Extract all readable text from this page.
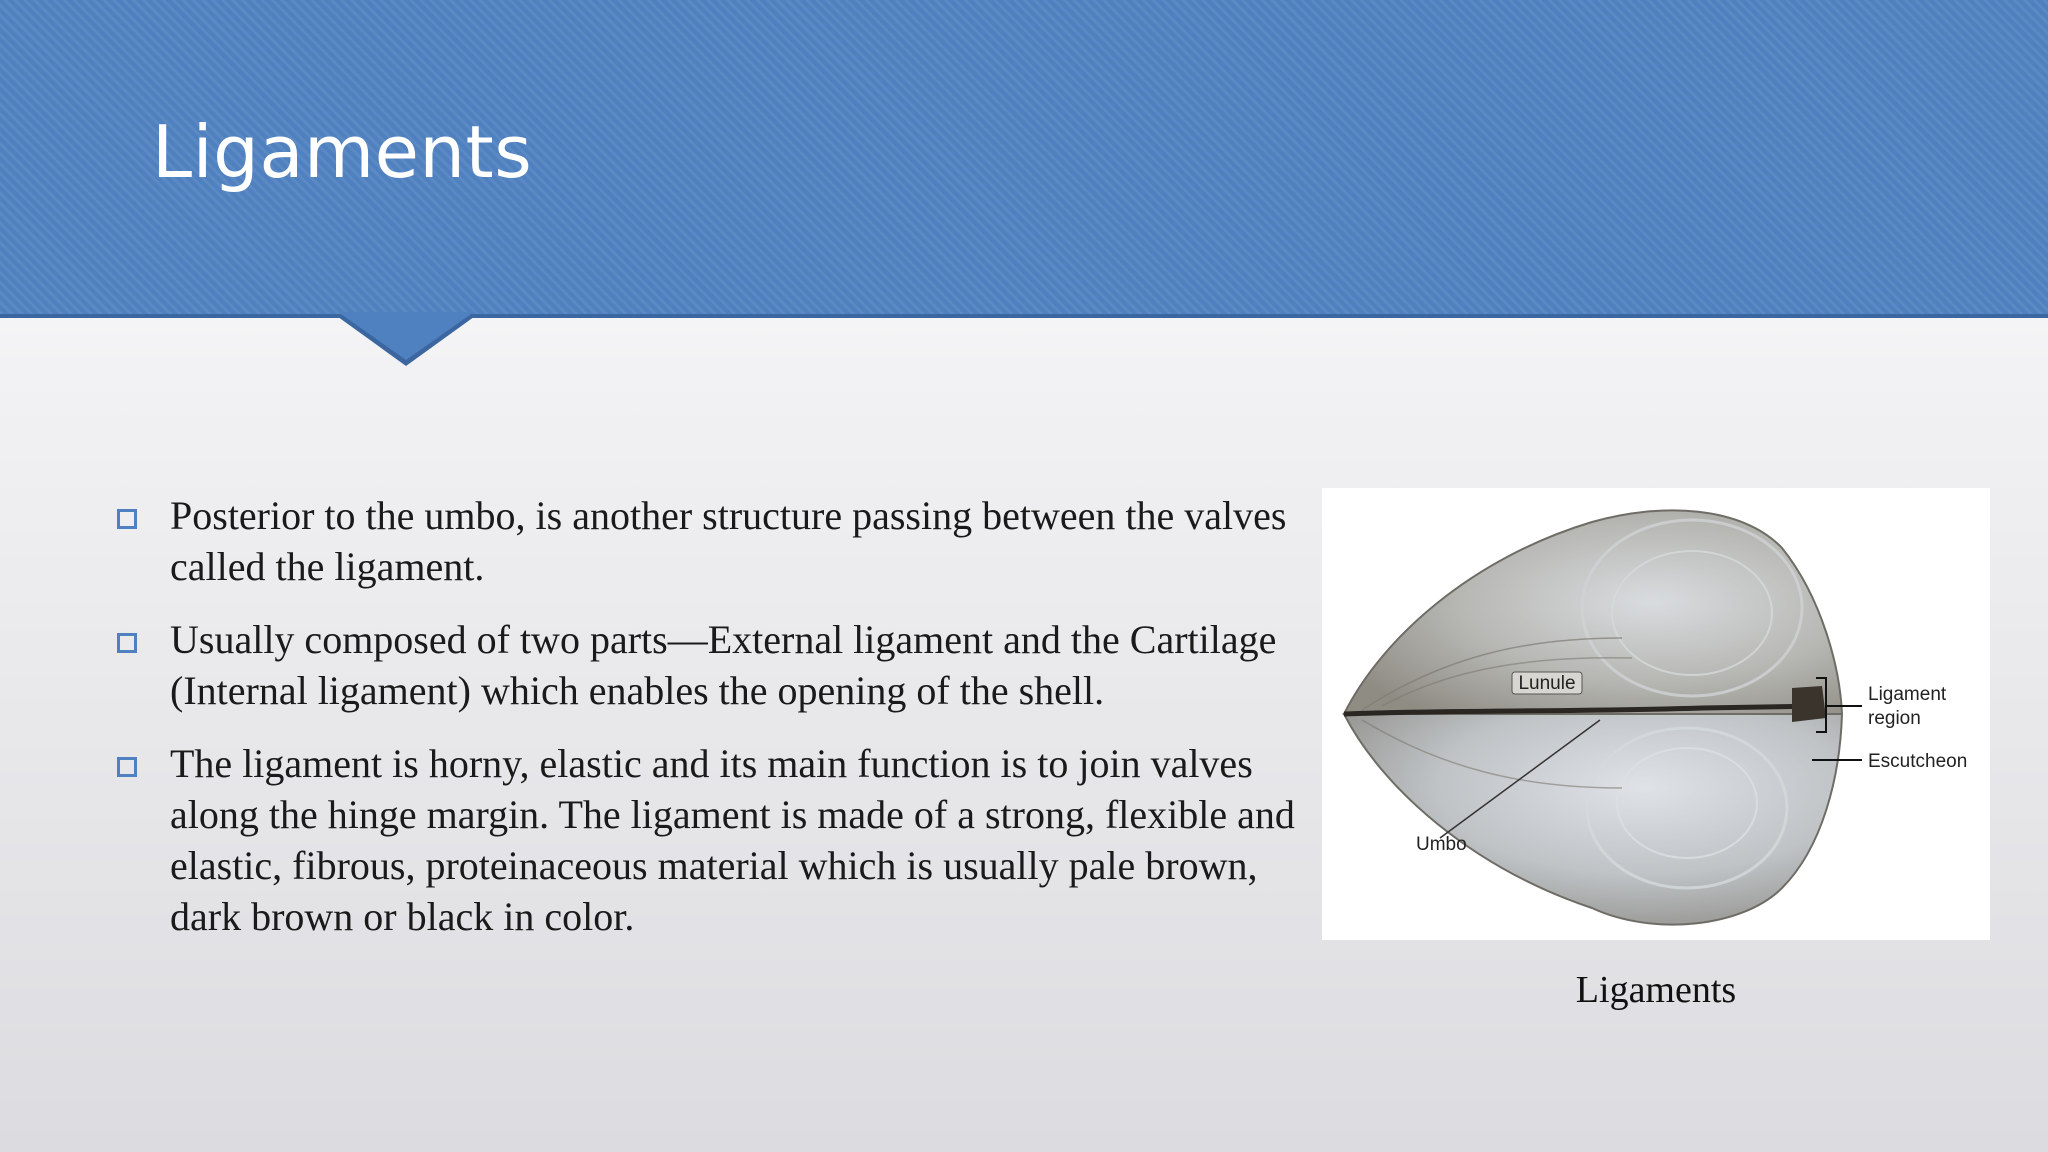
Ligaments
Posterior to the umbo, is another structure passing between the valves called the ligament.
Usually composed of two parts—External ligament and the Cartilage (Internal ligament) which enables the opening of the shell.
The ligament is horny, elastic and its main function is to join valves along the hinge margin. The ligament is made of a strong, flexible and elastic, fibrous, proteinaceous material which is usually pale brown, dark brown or black in color.
Lunule
Ligament
region
Escutcheon
Umbo
Ligaments
